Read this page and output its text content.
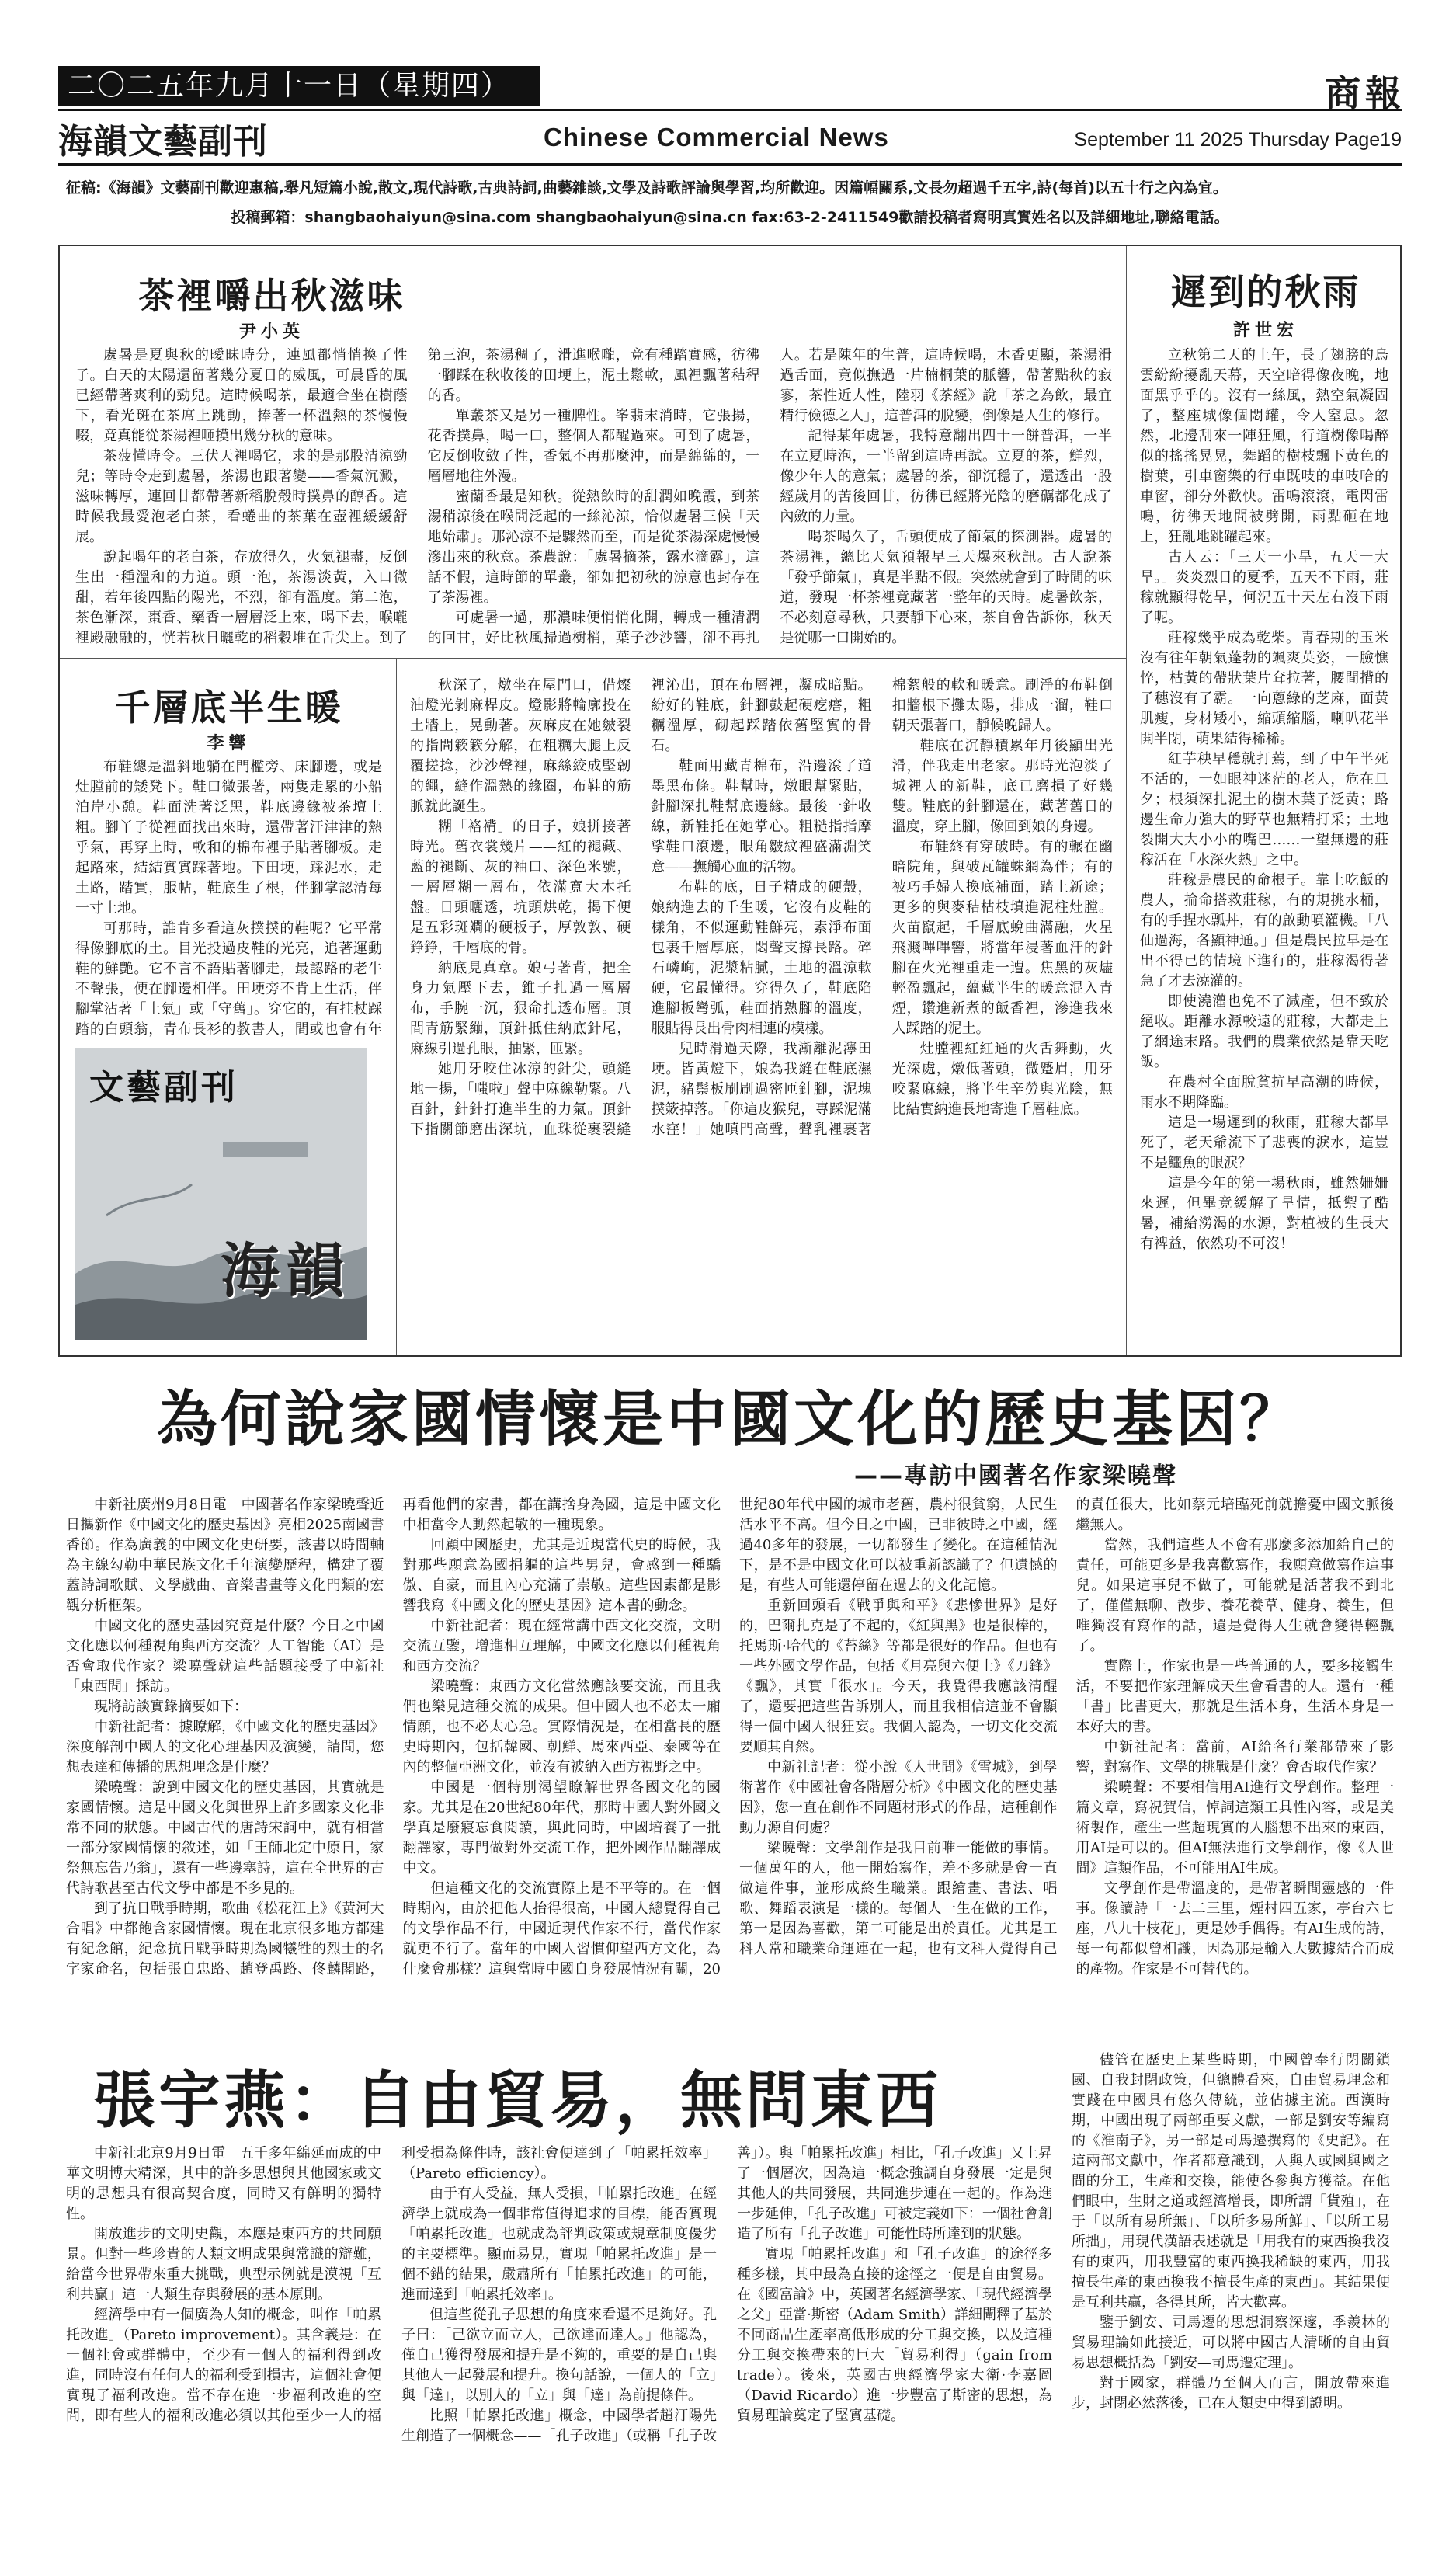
二〇二五年九月十一日（星期四）	商報
海韻文藝副刊	Chinese Commercial News	September 11 2025 Thursday Page19
征稿:《海韻》文藝副刊歡迎惠稿,舉凡短篇小說,散文,現代詩歌,古典詩詞,曲藝雜談,文學及詩歌評論與學習,均所歡迎。因篇幅關系,文長勿超過千五字,詩(每首)以五十行之內為宜。
投稿郵箱：shangbaohaiyun@sina.com shangbaohaiyun@sina.cn fax:63-2-2411549歡請投稿者寫明真實姓名以及詳細地址,聯絡電話。
茶裡嚼出秋滋味
尹小英

處暑是夏與秋的曖昧時分，連風都悄悄換了性子。白天的太陽還留著幾分夏日的威風，可晨昏的風已經帶著爽利的勁兒。這時候喝茶，最適合坐在樹蔭下，看光斑在茶席上跳動，捧著一杯溫熱的茶慢慢啜，竟真能從茶湯裡咂摸出幾分秋的意味。

茶菠懂時令。三伏天裡喝它，求的是那股清涼勁兒；等時令走到處暑，茶湯也跟著變——香氣沉澱，滋味轉厚，連回甘都帶著新稻脫殼時撲鼻的醇香。這時候我最愛泡老白茶，看蜷曲的茶葉在壺裡緩緩舒展。

說起喝年的老白茶，存放得久，火氣褪盡，反倒生出一種溫和的力道。頭一泡，茶湯淡黃，入口微甜，若年後四點的陽光，不烈，卻有溫度。第二泡，茶色漸深，棗香、藥香一層層泛上來，喝下去，喉嚨裡殿融融的，恍若秋日曬乾的稻穀堆在舌尖上。到了第三泡，茶湯稠了，滑進喉嚨，竟有種踏實感，彷彿一腳踩在秋收後的田埂上，泥土鬆軟，風裡飄著秸稈的香。

單叢茶又是另一種脾性。峯翡末消時，它張揚，花香撲鼻，喝一口，整個人都醒過來。可到了處暑，它反倒收斂了性，香氣不再那麼沖，而是綿綿的，一層層地往外漫。

蜜蘭香最是知秋。從熱飲時的甜潤如晚霞，到茶湯稍涼後在喉間泛起的一絲沁涼，恰似處暑三候「天地始肅」。那沁涼不是驟然而至，而是從茶湯深處慢慢滲出來的秋意。茶農說：「處暑摘茶，露水滴露」，這話不假，這時節的單叢，卻如把初秋的涼意也封存在了茶湯裡。

可處暑一過，那濃味便悄悄化開，轉成一種清潤的回甘，好比秋風掃過樹梢，葉子沙沙響，卻不再扎人。若是陳年的生普，這時候喝，木香更顯，茶湯滑過舌面，竟似撫過一片楠桐葉的脈響，帶著點秋的寂寥，茶性近人性，陸羽《茶經》說「茶之為飲，最宜精行儉德之人」，這普洱的脫變，倒像是人生的修行。

記得某年處暑，我特意翻出四十一餅普洱，一半在立夏時泡，一半留到這時再試。立夏的茶，鮮烈，像少年人的意氣；處暑的茶，卻沉穩了，還透出一股經歲月的苦後回甘，彷彿已經將光陰的磨礪都化成了內斂的力量。

喝茶喝久了，舌頭便成了節氣的探測器。處暑的茶湯裡，總比天氣預報早三天爆來秋訊。古人說茶「發乎節氣」，真是半點不假。突然就會到了時間的味道，發現一杯茶裡竟藏著一整年的天時。處暑飲茶，不必刻意尋秋，只要靜下心來，茶自會告訴你，秋天是從哪一口開始的。

遲到的秋雨
許世宏

立秋第二天的上午，長了翅膀的烏雲紛紛擾亂天幕，天空暗得像夜晚，地面黑乎乎的。沒有一絲風，熱空氣凝固了，整座城像個悶罐，令人窒息。忽然，北邊刮來一陣狂風，行道樹像喝醉似的搖搖晃晃，舞蹈的樹枝飄下黃色的樹葉，引車窗樂的行車既吱的車吱哈的車窗，卻分外歡快。雷鳴滾滾，電閃雷鳴，彷彿天地間被劈開，雨點砸在地上，狂亂地跳躍起來。

古人云：「三天一小旱，五天一大旱。」炎炎烈日的夏季，五天不下雨，莊稼就顯得乾旱，何況五十天左右沒下雨了呢。

莊稼幾乎成為乾柴。青春期的玉米沒有往年朝氣蓬勃的颯爽英姿，一臉憔悴，枯黃的帶狀葉片耷拉著，腰間揹的子穗沒有了霸。一向蔥綠的芝麻，面黃肌瘦，身材矮小，縮頭縮腦，喇叭花半開半閉，萌果結得稀稀。

紅芋秧早穩就打蔫，到了中午半死不活的，一如眼神迷茫的老人，危在旦夕；根須深扎泥土的樹木葉子泛黃；路邊生命力強大的野草也無精打采；土地裂開大大小小的嘴巴……一望無邊的莊稼活在「水深火熱」之中。

莊稼是農民的命根子。靠土吃飯的農人，掄命搭救莊稼，有的規挑水桶，有的手捏水瓢丼，有的啟動噴灌機。「八仙過海，各顯神通。」但是農民拉早是在出不得已的情境下進行的，莊稼渴得著急了才去澆灌的。

即使澆灌也免不了減產，但不致於絕收。距離水源較遠的莊稼，大都走上了網途末路。我們的農業依然是靠天吃飯。

在農村全面脫貧抗早高潮的時候，雨水不期降臨。

這是一場遲到的秋雨，莊稼大都早死了，老天爺流下了悲喪的淚水，這豈不是鱷魚的眼淚？

這是今年的第一場秋雨，雖然姍姍來遲，但畢竟緩解了旱情，抵禦了酷暑，補給澇渴的水源，對植被的生長大有裨益，依然功不可沒！

千層底半生暖
李響

布鞋總是溫斜地躺在門檻旁、床腳邊，或是灶膛前的矮凳下。鞋口微張著，兩隻走累的小船泊岸小憩。鞋面洗著泛黑，鞋底邊緣被茶壇上粗。腳丫子從裡面找出來時，還帶著汗津津的熱乎氣，再穿上時，軟和的棉布裡子貼著腳板。走起路來，結結實實踩著地。下田埂，踩泥水，走土路，踏實，服帖，鞋底生了根，伴腳掌認清每一寸土地。

可那時，誰肯多看這灰撲撲的鞋呢？它平常得像腳底的土。目光投過皮鞋的光亮，追著運動鞋的鮮艷。它不言不語貼著腳走，最認路的老牛不聲張，便在腳邊相伴。田埂旁不肯上生活，伴腳掌沾著「土氣」或「守舊」。穿它的，有挂杖踩踏的白頭翁，青布長衫的教書人，間或也會有年

秋深了，燉坐在屋門口，借燦油燈光剝麻桿皮。燈影將輪廓投在土牆上，晃動著。灰麻皮在她皴裂的指間簌簌分解，在粗糲大腿上反覆搓捻，沙沙聲裡，麻絲絞成堅韌的繩，縫作溫熱的緣圈，布鞋的筋脈就此誕生。

糊「袼褙」的日子，娘拼接著時光。舊衣裳幾片——紅的褪藏、藍的褪斷、灰的袖口、深色米號，一層層糊一層布，依滿寬大木托盤。日頭曬透，坑頭烘乾，揭下便是五彩斑斕的硬板子，厚敦敦、硬錚錚，千層底的骨。

納底見真章。娘弓著背，把全身力氣壓下去，錐子扎過一層層布，手腕一沉，狠命扎透布層。頂間青筋緊繃，頂針抵住納底針尾，麻線引過孔眼，抽緊，匝緊。

她用牙咬住冰涼的針尖，頭縫地一揚，「嗤啦」聲中麻線勒緊。八百針，針針打進半生的力氣。頂針下指關節磨出深坑，血珠從裹裂縫裡沁出，頂在布層裡，凝成暗點。紛好的鞋底，針腳鼓起硬疙瘩，粗糲溫厚，砌起踩踏依舊堅實的骨石。

鞋面用藏青棉布，沿邊滾了道墨黑布條。鞋幫時，燉眼幫緊貼，針腳深扎鞋幫底邊緣。最後一針收線，新鞋托在她掌心。粗糙指指摩挲鞋口滾邊，眼角皺紋裡盛滿淵笑意——撫觸心血的活物。

布鞋的底，日子精成的硬殼，娘納進去的千生暖，它沒有皮鞋的樣角，不似運動鞋鮮亮，素淨布面包裹千層厚底，悶聲支撐長路。碎石嶙峋，泥漿粘膩，土地的溫涼軟硬，它最懂得。穿得久了，鞋底陷進腳板彎弧，鞋面捎熟腳的溫度，服貼得長出骨肉相連的模樣。

兒時滑過天際，我漸離泥濘田埂。皆黃燈下，娘為我縫在鞋底濕泥，豬鬃板刷刷過密匝針腳，泥塊撲簌掉落。「你這皮猴兒，專踩泥滿水窪！」她嗔門高聲，聲乳裡裹著棉絮般的軟和暖意。刷淨的布鞋倒扣牆根下攤太陽，排成一溜，鞋口朝天張著口，靜候晚歸人。

鞋底在沉靜積累年月後顯出光滑，伴我走出老家。那時光泡淡了城裡人的新鞋，底已磨損了好幾雙。鞋底的針腳還在，藏著舊日的溫度，穿上腳，像回到娘的身邊。

布鞋終有穿破時。有的輾在幽暗院角，與破瓦罐蛛網為伴；有的被巧手婦人換底補面，踏上新途；更多的與麥秸枯枝填進泥柱灶膛。火苗竄起，千層底蛻曲滿融，火星飛濺嗶嗶響，將當年浸著血汗的針腳在火光裡重走一遭。焦黑的灰燼輕盈飄起，蘊藏半生的暖意混入青煙，鑽進新煮的飯香裡，滲進我來人踩踏的泥土。

灶膛裡紅紅通的火舌舞動，火光深處，燉低著頭，微蹙眉，用牙咬緊麻線，將半生辛勞與光陰，無比結實納進長地寄進千層鞋底。

文藝副刊
海韻
為何說家國情懷是中國文化的歷史基因？
——專訪中國著名作家梁曉聲

中新社廣州9月8日電　中國著名作家梁曉聲近日攜新作《中國文化的歷史基因》亮相2025南國書香節。作為廣義的中國文化史研要，該書以時間軸為主線勾勒中華民族文化千年演變歷程，構建了覆蓋詩詞歌賦、文學戲曲、音樂書畫等文化門類的宏觀分析框架。

中國文化的歷史基因究竟是什麼？今日之中國文化應以何種視角與西方交流？人工智能（AI）是否會取代作家？梁曉聲就這些話題接受了中新社「東西問」採訪。

現將訪談實錄摘要如下：

中新社記者：據瞭解，《中國文化的歷史基因》深度解剖中國人的文化心理基因及演變，請問，您想表達和傳播的思想理念是什麼？

梁曉聲：說到中國文化的歷史基因，其實就是家國情懷。這是中國文化與世界上許多國家文化非常不同的狀態。中國古代的唐詩宋詞中，就有相當一部分家國情懷的敘述，如「王師北定中原日，家祭無忘告乃翁」，還有一些邊塞詩，這在全世界的古代詩歌甚至古代文學中都是不多見的。

到了抗日戰爭時期，歌曲《松花江上》《黃河大合唱》中都飽含家國情懷。現在北京很多地方都建有紀念館，紀念抗日戰爭時期為國犧牲的烈士的名字家命名，包括張自忠路、趙登禹路、佟麟閣路，再看他們的家書，都在講捨身為國，這是中國文化中相當令人動然起敬的一種現象。

回顧中國歷史，尤其是近現當代史的時候，我對那些願意為國捐軀的這些男兒，會感到一種驕傲、自豪，而且內心充滿了崇敬。這些因素都是影響我寫《中國文化的歷史基因》這本書的動念。

中新社記者：現在經常講中西文化交流，文明交流互鑒，增進相互理解，中國文化應以何種視角和西方交流？

梁曉聲：東西方文化當然應該要交流，而且我們也樂見這種交流的成果。但中國人也不必太一廂情願，也不必太心急。實際情況是，在相當長的歷史時期內，包括韓國、朝鮮、馬來西亞、泰國等在內的整個亞洲文化，並沒有被納入西方視野之中。

中國是一個特別渴望瞭解世界各國文化的國家。尤其是在20世紀80年代，那時中國人對外國文學真是廢寢忘食閱讀，與此同時，中國培養了一批翻譯家，專門做對外交流工作，把外國作品翻譯成中文。

但這種文化的交流實際上是不平等的。在一個時期內，由於把他人抬得很高，中國人總覺得自己的文學作品不行，中國近現代作家不行，當代作家就更不行了。當年的中國人習慣仰望西方文化，為什麼會那樣？這與當時中國自身發展情況有關，20世紀80年代中國的城市老舊，農村很貧窮，人民生活水平不高。但今日之中國，已非彼時之中國，經過40多年的發展，一切都發生了變化。在這種情況下，是不是中國文化可以被重新認識了？但遺憾的是，有些人可能還停留在過去的文化記憶。

重新回頭看《戰爭與和平》《悲慘世界》是好的，巴爾扎克是了不起的，《紅與黑》也是很棒的，托馬斯·哈代的《苔絲》等都是很好的作品。但也有一些外國文學作品，包括《月亮與六便士》《刀鋒》《飄》，其實「很水」。今天，我覺得我應該清醒了，還要把這些告訴別人，而且我相信這並不會顯得一個中國人很狂妄。我個人認為，一切文化交流要順其自然。

中新社記者：從小說《人世間》《雪城》，到學術著作《中國社會各階層分析》《中國文化的歷史基因》，您一直在創作不同題材形式的作品，這種創作動力源自何處？

梁曉聲：文學創作是我目前唯一能做的事情。一個萬年的人，他一開始寫作，差不多就是會一直做這件事，並形成終生職業。跟繪畫、書法、唱歌、舞蹈表演是一樣的。每個人一生在做的工作，第一是因為喜歡，第二可能是出於責任。尤其是工科人常和職業命運連在一起，也有文科人覺得自己的責任很大，比如蔡元培臨死前就擔憂中國文脈後繼無人。

當然，我們這些人不會有那麼多添加給自己的責任，可能更多是我喜歡寫作，我願意做寫作這事兒。如果這事兒不做了，可能就是活著我不到北了，僅僅無聊、散步、養花養草、健身、養生，但唯獨沒有寫作的話，還是覺得人生就會變得輕飄了。

實際上，作家也是一些普通的人，要多接觸生活，不要把作家理解成天生會看書的人。還有一種「書」比書更大，那就是生活本身，生活本身是一本好大的書。

中新社記者：當前，AI給各行業都帶來了影響，對寫作、文學的挑戰是什麼？會否取代作家？

梁曉聲：不要相信用AI進行文學創作。整理一篇文章，寫祝賀信，悼詞這類工具性內容，或是美術製作，產生一些超現實的人腦想不出來的東西，用AI是可以的。但AI無法進行文學創作，像《人世間》這類作品，不可能用AI生成。

文學創作是帶溫度的，是帶著瞬間靈感的一件事。像讀詩「一去二三里，煙村四五家，亭台六七座，八九十枝花」，更是妙手偶得。有AI生成的詩，每一句都似曾相識，因為那是輸入大數據結合而成的產物。作家是不可替代的。

張宇燕：自由貿易，無問東西

中新社北京9月9日電　五千多年綿延而成的中華文明博大精深，其中的許多思想與其他國家或文明的思想具有很高契合度，同時又有鮮明的獨特性。

開放進步的文明史觀，本應是東西方的共同願景。但對一些珍貴的人類文明成果與常識的辯難，給當今世界帶來重大挑戰，典型示例就是漠視「互利共贏」這一人類生存與發展的基本原則。

經濟學中有一個廣為人知的概念，叫作「帕累托改進」（Pareto improvement）。其含義是：在一個社會或群體中，至少有一個人的福利得到改進，同時沒有任何人的福利受到損害，這個社會便實現了福利改進。當不存在進一步福利改進的空間，即有些人的福利改進必須以其他至少一人的福利受損為條件時，該社會便達到了「帕累托效率」（Pareto efficiency）。

由于有人受益，無人受損，「帕累托改進」在經濟學上就成為一個非常值得追求的目標，能否實現「帕累托改進」也就成為評判政策或規章制度優劣的主要標準。顯而易見，實現「帕累托改進」是一個不錯的結果，嚴肅所有「帕累托改進」的可能，進而達到「帕累托效率」。

但這些從孔子思想的角度來看還不足夠好。孔子曰：「己欲立而立人，己欲達而達人。」他認為，僅自己獲得發展和提升是不夠的，重要的是自己與其他人一起發展和提升。換句話說，一個人的「立」與「達」，以別人的「立」與「達」為前提條件。

比照「帕累托改進」概念，中國學者趙汀陽先生創造了一個概念——「孔子改進」（或稱「孔子改善」）。與「帕累托改進」相比，「孔子改進」又上昇了一個層次，因為這一概念強調自身發展一定是與其他人的共同發展，共同進步連在一起的。作為進一步延伸，「孔子改進」可被定義如下：一個社會創造了所有「孔子改進」可能性時所達到的狀態。

實現「帕累托改進」和「孔子改進」的途徑多種多樣，其中最為直接的途徑之一便是自由貿易。在《國富論》中，英國著名經濟學家、「現代經濟學之父」亞當·斯密（Adam Smith）詳細闡釋了基於不同商品生產率高低形成的分工與交換，以及這種分工與交換帶來的巨大「貿易利得」（gain from trade）。後來，英國古典經濟學家大衛·李嘉圖（David Ricardo）進一步豐富了斯密的思想，為貿易理論奠定了堅實基礎。

儘管在歷史上某些時期，中國曾奉行閉關鎖國、自我封閉政策，但總體看來，自由貿易理念和實踐在中國具有悠久傳統，並佔據主流。西漢時期，中國出現了兩部重要文獻，一部是劉安等編寫的《淮南子》，另一部是司馬遷撰寫的《史記》。在這兩部文獻中，作者都意識到，人與人或國與國之間的分工，生產和交換，能使各參與方獲益。在他們眼中，生財之道或經濟增長，即所謂「貨殖」，在于「以所有易所無」、「以所多易所鮮」、「以所工易所拙」，用現代漢語表述就是「用我有的東西換我沒有的東西，用我豐富的東西換我稀缺的東西，用我擅長生產的東西換我不擅長生產的東西」。其結果便是互利共贏，各得其所，皆大歡喜。

鑒于劉安、司馬遷的思想洞察深邃，季羨林的貿易理論如此接近，可以將中國古人清晰的自由貿易思想概括為「劉安—司馬遷定理」。

對于國家，群體乃至個人而言，開放帶來進步，封閉必然落後，已在人類史中得到證明。
